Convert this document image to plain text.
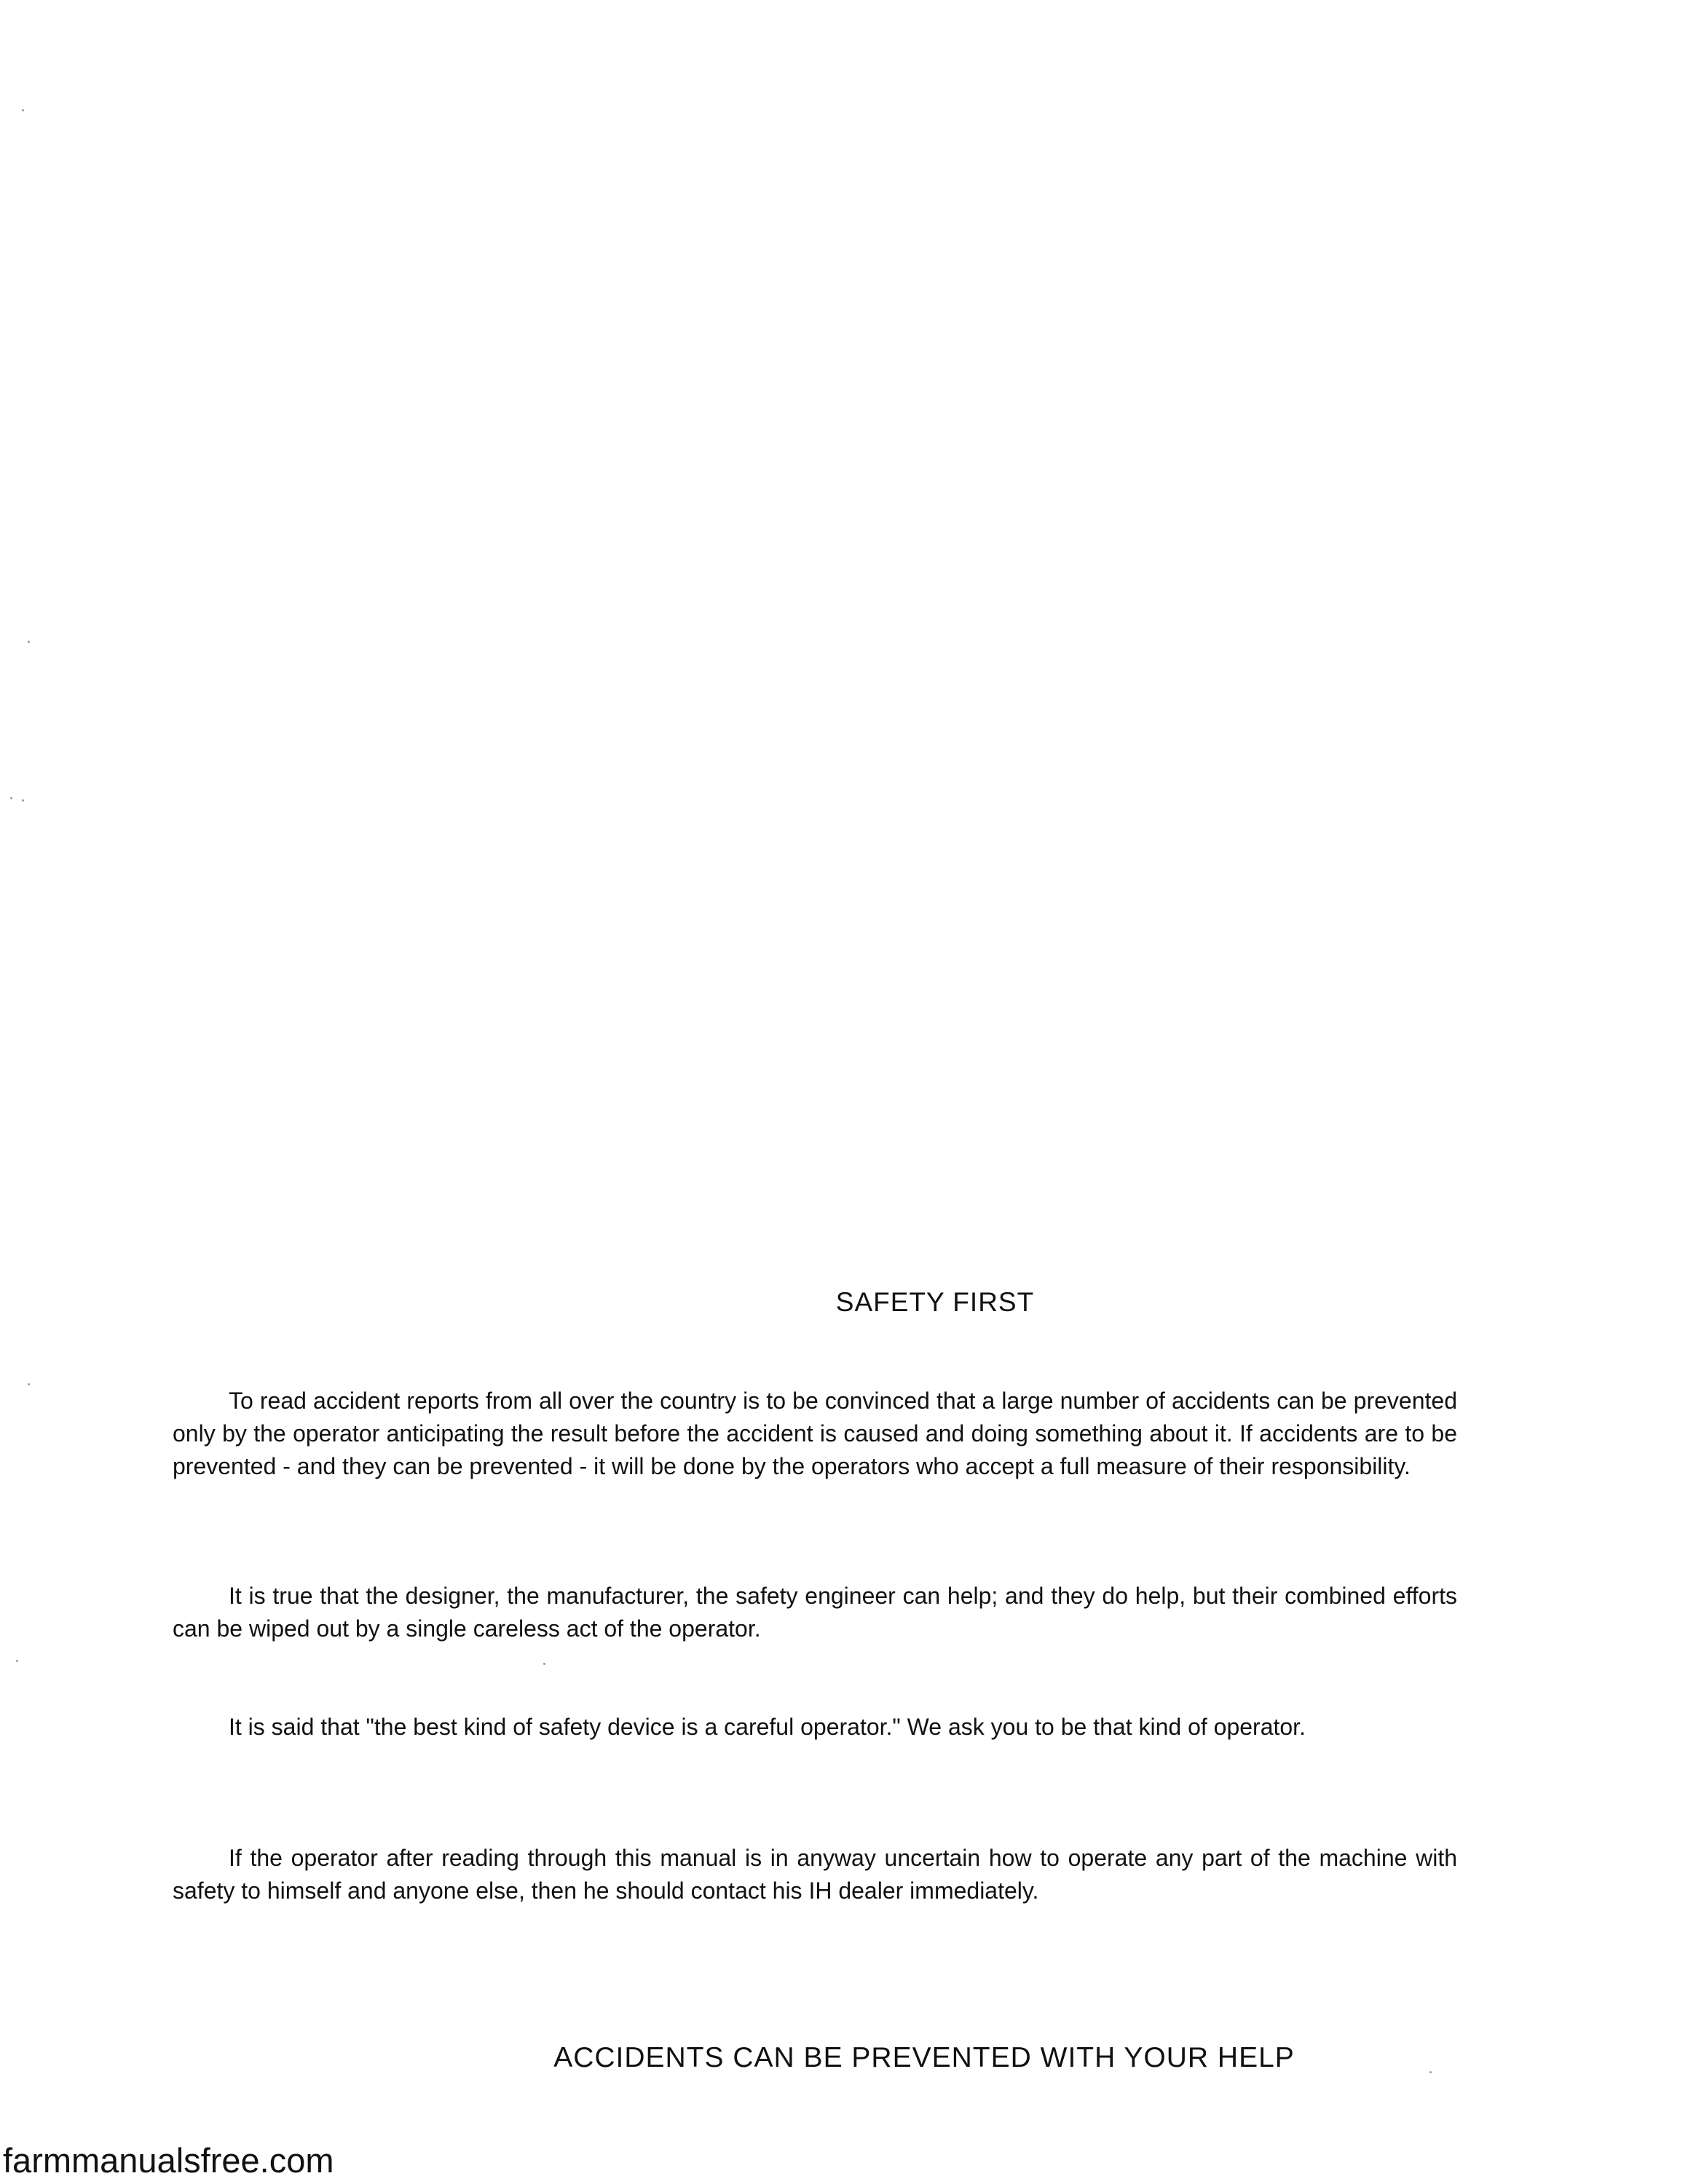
SAFETY FIRST

To read accident reports from all over the country is to be convinced that a large number of accidents can be prevented only by the operator anticipating the result before the accident is caused and doing something about it. If accidents are to be prevented - and they can be prevented - it will be done by the operators who accept a full measure of their responsibility.

It is true that the designer, the manufacturer, the safety engineer can help; and they do help, but their combined efforts can be wiped out by a single careless act of the operator.

It is said that "the best kind of safety device is a careful operator." We ask you to be that kind of operator.

If the operator after reading through this manual is in anyway uncertain how to operate any part of the machine with safety to himself and anyone else, then he should contact his IH dealer immediately.

ACCIDENTS CAN BE PREVENTED WITH YOUR HELP

farmmanualsfree.com
